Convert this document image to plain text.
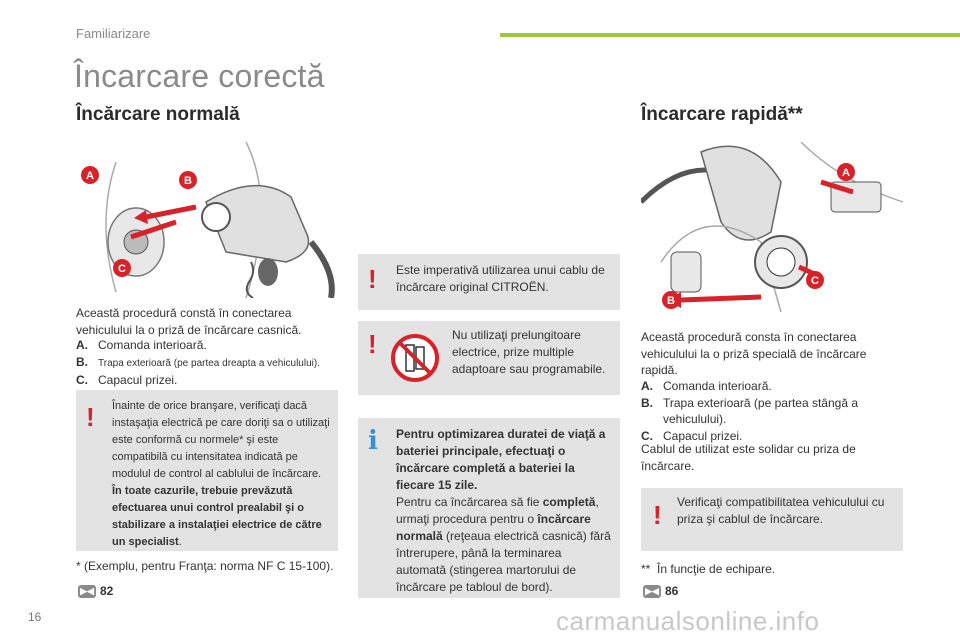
Familiarizare
Încarcare corectă
Încărcare normală
A	B
C
Această procedură constă în conectarea vehiculului la o priză de încărcare casnică.
A. Comanda interioară.
B. Trapa exterioară (pe partea dreapta a vehiculului).
C. Capacul prizei.
! Înainte de orice branşare, verificaţi dacă instaşaţia electrică pe care doriţi sa o utilizaţi este conformă cu normele* şi este compatibilă cu intensitatea indicată pe modulul de control al cablului de încărcare.
În toate cazurile, trebuie prevăzută efectuarea unui control prealabil şi o stabilizare a instalaţiei electrice de către un specialist.
* (Exemplu, pentru Franţa: norma NF C 15-100).
▶◀ 82
! Este imperativă utilizarea unui cablu de încărcare original CITROËN.
!	Nu utilizaţi prelungitoare electrice, prize multiple adaptoare sau programabile.
i Pentru optimizarea duratei de viaţă a bateriei principale, efectuaţi o încărcare completă a bateriei la fiecare 15 zile.
Pentru ca încărcarea să fie completă, urmaţi procedura pentru o încărcare normală (reţeaua electrică casnică) fără întrerupere, până la terminarea automată (stingerea martorului de încărcare pe tabloul de bord).
Încarcare rapidă**
A
B
C
Această procedură consta în conectarea vehiculului la o priză specială de încărcare rapidă.
A. Comanda interioară.
B. Trapa exterioară (pe partea stângă a vehiculului).
C. Capacul prizei.
Cablul de utilizat este solidar cu priza de încărcare.
! Verificaţi compatibilitatea vehiculului cu priza şi cablul de încărcare.
** În funcţie de echipare.
▶◀ 86
16	carmanualsonline.info
